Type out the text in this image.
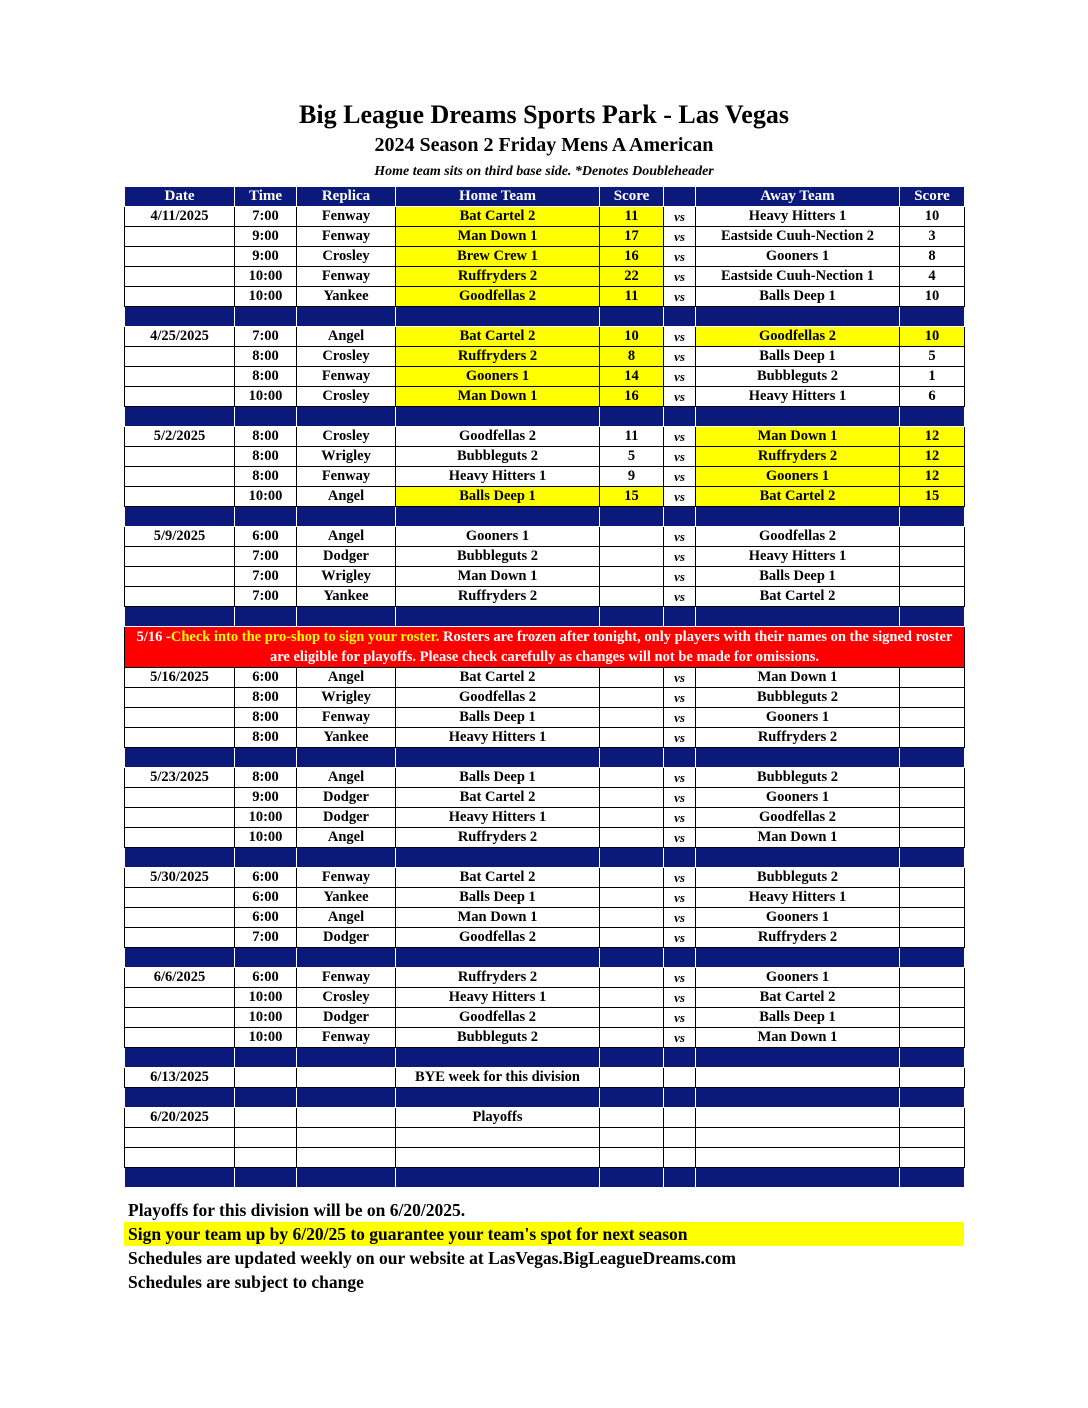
Big League Dreams Sports Park - Las Vegas
2024 Season 2 Friday Mens A American
Home team sits on third base side. *Denotes Doubleheader
Date	Time	Replica	Home Team	Score		Away Team	Score
4/11/2025	7:00	Fenway	Bat Cartel 2	11	vs	Heavy Hitters 1	10
	9:00	Fenway	Man Down 1	17	vs	Eastside Cuuh-Nection 2	3
	9:00	Crosley	Brew Crew 1	16	vs	Gooners 1	8
	10:00	Fenway	Ruffryders 2	22	vs	Eastside Cuuh-Nection 1	4
	10:00	Yankee	Goodfellas 2	11	vs	Balls Deep 1	10

4/25/2025	7:00	Angel	Bat Cartel 2	10	vs	Goodfellas 2	10
	8:00	Crosley	Ruffryders 2	8	vs	Balls Deep 1	5
	8:00	Fenway	Gooners 1	14	vs	Bubbleguts 2	1
	10:00	Crosley	Man Down 1	16	vs	Heavy Hitters 1	6

5/2/2025	8:00	Crosley	Goodfellas 2	11	vs	Man Down 1	12
	8:00	Wrigley	Bubbleguts 2	5	vs	Ruffryders 2	12
	8:00	Fenway	Heavy Hitters 1	9	vs	Gooners 1	12
	10:00	Angel	Balls Deep 1	15	vs	Bat Cartel 2	15

5/9/2025	6:00	Angel	Gooners 1		vs	Goodfellas 2	
	7:00	Dodger	Bubbleguts 2		vs	Heavy Hitters 1	
	7:00	Wrigley	Man Down 1		vs	Balls Deep 1	
	7:00	Yankee	Ruffryders 2		vs	Bat Cartel 2	

5/16 -Check into the pro-shop to sign your roster. Rosters are frozen after tonight, only players with their names on the signed roster are eligible for playoffs. Please check carefully as changes will not be made for omissions.							
5/16/2025	6:00	Angel	Bat Cartel 2		vs	Man Down 1	
	8:00	Wrigley	Goodfellas 2		vs	Bubbleguts 2	
	8:00	Fenway	Balls Deep 1		vs	Gooners 1	
	8:00	Yankee	Heavy Hitters 1		vs	Ruffryders 2	

5/23/2025	8:00	Angel	Balls Deep 1		vs	Bubbleguts 2	
	9:00	Dodger	Bat Cartel 2		vs	Gooners 1	
	10:00	Dodger	Heavy Hitters 1		vs	Goodfellas 2	
	10:00	Angel	Ruffryders 2		vs	Man Down 1	

5/30/2025	6:00	Fenway	Bat Cartel 2		vs	Bubbleguts 2	
	6:00	Yankee	Balls Deep 1		vs	Heavy Hitters 1	
	6:00	Angel	Man Down 1		vs	Gooners 1	
	7:00	Dodger	Goodfellas 2		vs	Ruffryders 2	

6/6/2025	6:00	Fenway	Ruffryders 2		vs	Gooners 1	
	10:00	Crosley	Heavy Hitters 1		vs	Bat Cartel 2	
	10:00	Dodger	Goodfellas 2		vs	Balls Deep 1	
	10:00	Fenway	Bubbleguts 2		vs	Man Down 1	

6/13/2025			BYE week for this division				

6/20/2025			Playoffs				

Playoffs for this division will be on 6/20/2025.
Sign your team up by 6/20/25 to guarantee your team's spot for next season
Schedules are updated weekly on our website at LasVegas.BigLeagueDreams.com
Schedules are subject to change
